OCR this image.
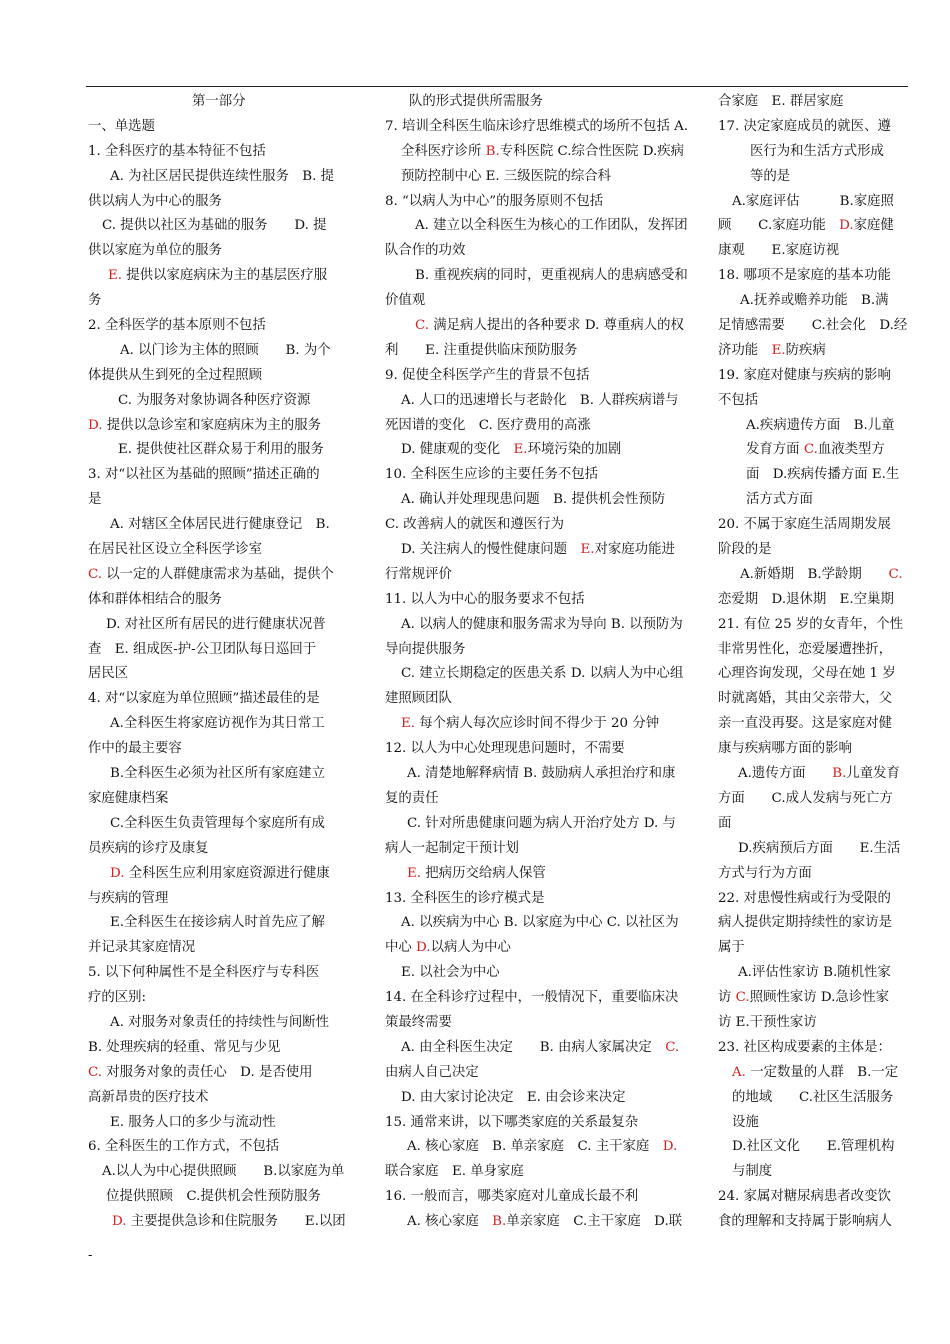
第一部分
一、单选题
1. 全科医疗的基本特征不包括
A. 为社区居民提供连续性服务　B. 提
供以病人为中心的服务
C. 提供以社区为基础的服务　　D. 提
供以家庭为单位的服务
E. 提供以家庭病床为主的基层医疗服
务
2. 全科医学的基本原则不包括
A. 以门诊为主体的照顾　　B. 为个
体提供从生到死的全过程照顾
C. 为服务对象协调各种医疗资源
D. 提供以急诊室和家庭病床为主的服务
E. 提供使社区群众易于利用的服务
3. 对“以社区为基础的照顾”描述正确的
是
A. 对辖区全体居民进行健康登记　B.
在居民社区设立全科医学诊室
C. 以一定的人群健康需求为基础，提供个
体和群体相结合的服务
D. 对社区所有居民的进行健康状况普
查　E. 组成医-护-公卫团队每日巡回于
居民区
4. 对“以家庭为单位照顾”描述最佳的是
A.全科医生将家庭访视作为其日常工
作中的最主要容
B.全科医生必须为社区所有家庭建立
家庭健康档案
C.全科医生负责管理每个家庭所有成
员疾病的诊疗及康复
D. 全科医生应利用家庭资源进行健康
与疾病的管理
E.全科医生在接诊病人时首先应了解
并记录其家庭情况
5. 以下何种属性不是全科医疗与专科医
疗的区别:
A. 对服务对象责任的持续性与间断性
B. 处理疾病的轻重、常见与少见
C. 对服务对象的责任心　D. 是否使用
高新昂贵的医疗技术
E. 服务人口的多少与流动性
6. 全科医生的工作方式，不包括
A.以人为中心提供照顾　　B.以家庭为单
位提供照顾　C.提供机会性预防服务
D. 主要提供急诊和住院服务　　E.以团
队的形式提供所需服务
7. 培训全科医生临床诊疗思维模式的场所不包括 A.
全科医疗诊所 B.专科医院 C.综合性医院 D.疾病
预防控制中心 E. 三级医院的综合科
8. “以病人为中心”的服务原则不包括
A. 建立以全科医生为核心的工作团队，发挥团
队合作的功效
B. 重视疾病的同时，更重视病人的患病感受和
价值观
C. 满足病人提出的各种要求 D. 尊重病人的权
利　　E. 注重提供临床预防服务
9. 促使全科医学产生的背景不包括
A. 人口的迅速增长与老龄化　B. 人群疾病谱与
死因谱的变化　C. 医疗费用的高涨
D. 健康观的变化　E.环境污染的加剧
10. 全科医生应诊的主要任务不包括
A. 确认并处理现患问题　B. 提供机会性预防
C. 改善病人的就医和遵医行为
D. 关注病人的慢性健康问题　E.对家庭功能进
行常规评价
11. 以人为中心的服务要求不包括
A. 以病人的健康和服务需求为导向 B. 以预防为
导向提供服务
C. 建立长期稳定的医患关系 D. 以病人为中心组
建照顾团队
E. 每个病人每次应诊时间不得少于 20 分钟
12. 以人为中心处理现患问题时，不需要
A. 清楚地解释病情 B. 鼓励病人承担治疗和康
复的责任
C. 针对所患健康问题为病人开治疗处方 D. 与
病人一起制定干预计划
E. 把病历交给病人保管
13. 全科医生的诊疗模式是
A. 以疾病为中心 B. 以家庭为中心 C. 以社区为
中心 D.以病人为中心
E. 以社会为中心
14. 在全科诊疗过程中，一般情况下，重要临床决
策最终需要
A. 由全科医生决定　　B. 由病人家属决定　C.
由病人自己决定
D. 由大家讨论决定　E. 由会诊来决定
15. 通常来讲，以下哪类家庭的关系最复杂
A. 核心家庭　B. 单亲家庭　C. 主干家庭　D.
联合家庭　E. 单身家庭
16. 一般而言，哪类家庭对儿童成长最不利
A. 核心家庭　B.单亲家庭　C.主干家庭　D.联
合家庭　E. 群居家庭
17. 决定家庭成员的就医、遵
医行为和生活方式形成
等的是
A.家庭评估　　　B.家庭照
顾　　C.家庭功能　D.家庭健
康观　　E.家庭访视
18. 哪项不是家庭的基本功能
A.抚养或赡养功能　B.满
足情感需要　　C.社会化　D.经
济功能　E.防疾病
19. 家庭对健康与疾病的影响
不包括
A.疾病遗传方面　B.儿童
发育方面 C.血液类型方
面　D.疾病传播方面 E.生
活方式方面
20. 不属于家庭生活周期发展
阶段的是
A.新婚期　B.学龄期　　C.
恋爱期　D.退休期　E.空巢期
21. 有位 25 岁的女青年，个性
非常男性化，恋爱屡遭挫折，
心理咨询发现，父母在她 1 岁
时就离婚，其由父亲带大，父
亲一直没再娶。这是家庭对健
康与疾病哪方面的影响
A.遗传方面　　B.儿童发育
方面　　C.成人发病与死亡方
面
D.疾病预后方面　　E.生活
方式与行为方面
22. 对患慢性病或行为受限的
病人提供定期持续性的家访是
属于
A.评估性家访 B.随机性家
访 C.照顾性家访 D.急诊性家
访 E.干预性家访
23. 社区构成要素的主体是：
A. 一定数量的人群　B.一定
的地域　　C.社区生活服务
设施
D.社区文化　　E.管理机构
与制度
24. 家属对糖尿病患者改变饮
食的理解和支持属于影响病人
-
